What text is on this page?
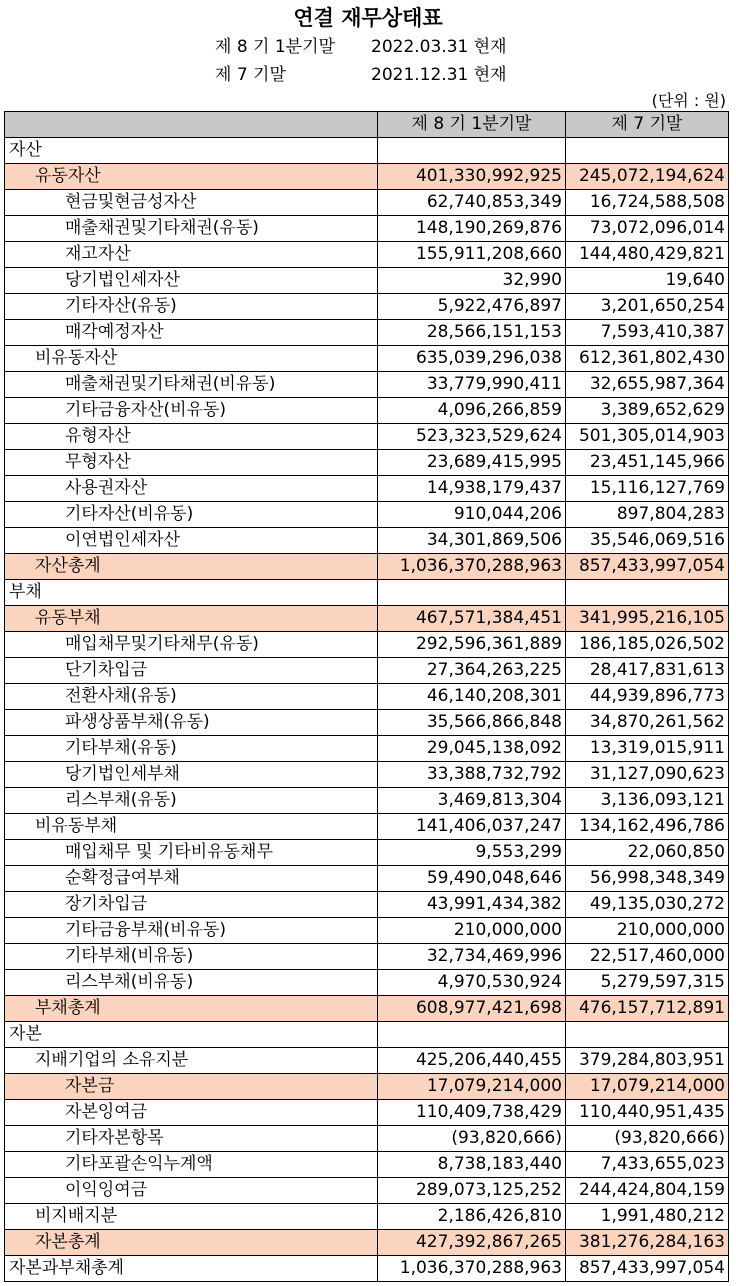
연결 재무상태표
제 8 기 1분기말 2022.03.31 현재
제 7 기말	2021.12.31 현재
(단위 : 원)
	제 8 기 1분기말	제 7 기말
자산		
유동자산	401,330,992,925	245,072,194,624
현금및현금성자산	62,740,853,349	16,724,588,508
매출채권및기타채권(유동)	148,190,269,876	73,072,096,014
재고자산	155,911,208,660	144,480,429,821
당기법인세자산	32,990	19,640
기타자산(유동)	5,922,476,897	3,201,650,254
매각예정자산	28,566,151,153	7,593,410,387
비유동자산	635,039,296,038	612,361,802,430
매출채권및기타채권(비유동)	33,779,990,411	32,655,987,364
기타금융자산(비유동)	4,096,266,859	3,389,652,629
유형자산	523,323,529,624	501,305,014,903
무형자산	23,689,415,995	23,451,145,966
사용권자산	14,938,179,437	15,116,127,769
기타자산(비유동)	910,044,206	897,804,283
이연법인세자산	34,301,869,506	35,546,069,516
자산총계	1,036,370,288,963	857,433,997,054
부채		
유동부채	467,571,384,451	341,995,216,105
매입채무및기타채무(유동)	292,596,361,889	186,185,026,502
단기차입금	27,364,263,225	28,417,831,613
전환사채(유동)	46,140,208,301	44,939,896,773
파생상품부채(유동)	35,566,866,848	34,870,261,562
기타부채(유동)	29,045,138,092	13,319,015,911
당기법인세부채	33,388,732,792	31,127,090,623
리스부채(유동)	3,469,813,304	3,136,093,121
비유동부채	141,406,037,247	134,162,496,786
매입채무 및 기타비유동채무	9,553,299	22,060,850
순확정급여부채	59,490,048,646	56,998,348,349
장기차입금	43,991,434,382	49,135,030,272
기타금융부채(비유동)	210,000,000	210,000,000
기타부채(비유동)	32,734,469,996	22,517,460,000
리스부채(비유동)	4,970,530,924	5,279,597,315
부채총계	608,977,421,698	476,157,712,891
자본		
지배기업의 소유지분	425,206,440,455	379,284,803,951
자본금	17,079,214,000	17,079,214,000
자본잉여금	110,409,738,429	110,440,951,435
기타자본항목	(93,820,666)	(93,820,666)
기타포괄손익누계액	8,738,183,440	7,433,655,023
이익잉여금	289,073,125,252	244,424,804,159
비지배지분	2,186,426,810	1,991,480,212
자본총계	427,392,867,265	381,276,284,163
자본과부채총계	1,036,370,288,963	857,433,997,054
